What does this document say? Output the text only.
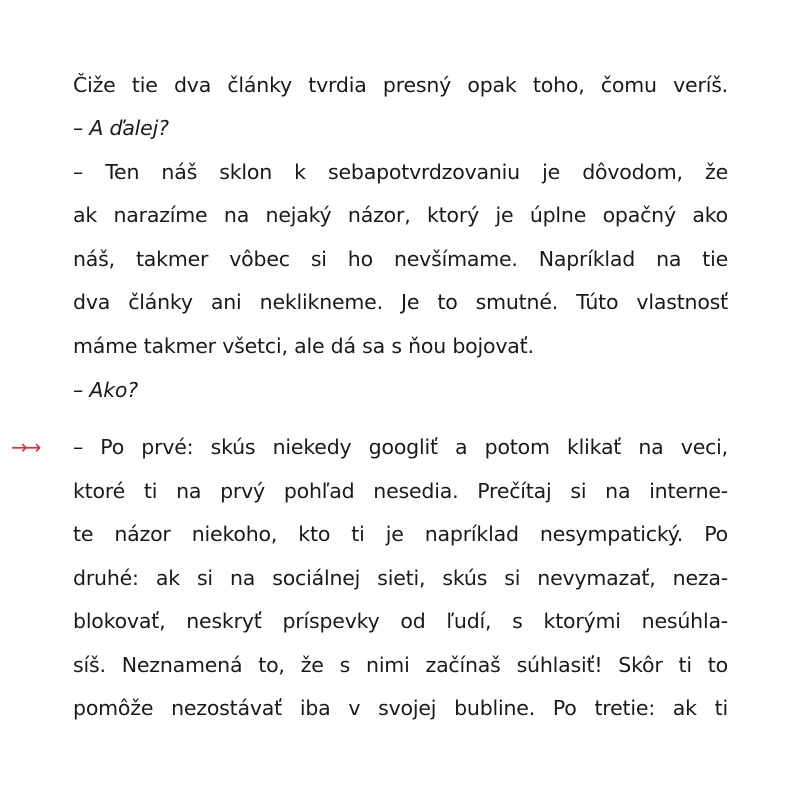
→→
Čiže tie dva články tvrdia presný opak toho, čomu veríš.
– A ďalej?
– Ten náš sklon k sebapotvrdzovaniu je dôvodom, že
ak narazíme na nejaký názor, ktorý je úplne opačný ako
náš, takmer vôbec si ho nevšímame. Napríklad na tie
dva články ani neklikneme. Je to smutné. Túto vlastnosť
máme takmer všetci, ale dá sa s ňou bojovať.
– Ako?
– Po prvé: skús niekedy googliť a potom klikať na veci,
ktoré ti na prvý pohľad nesedia. Prečítaj si na interne-
te názor niekoho, kto ti je napríklad nesympatický. Po
druhé: ak si na sociálnej sieti, skús si nevymazať, neza-
blokovať, neskryť príspevky od ľudí, s ktorými nesúhla-
síš. Neznamená to, že s nimi začínaš súhlasiť! Skôr ti to
pomôže nezostávať iba v svojej bubline. Po tretie: ak ti
